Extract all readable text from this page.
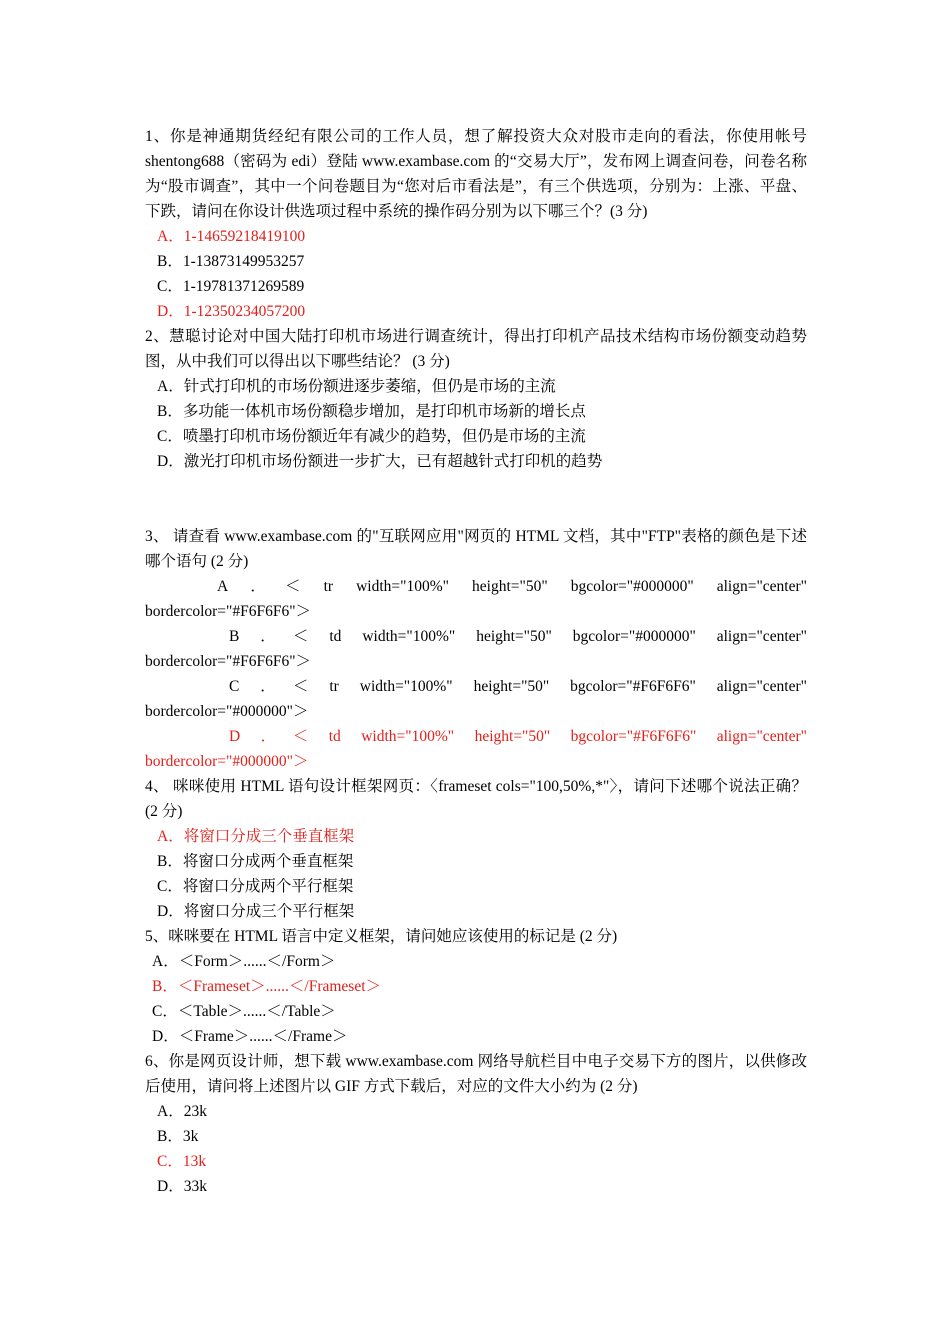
1、你是神通期货经纪有限公司的工作人员，想了解投资大众对股市走向的看法，你使用帐号 shentong688（密码为 edi）登陆 www.exambase.com 的“交易大厅”，发布网上调查问卷，问卷名称为“股市调查”，其中一个问卷题目为“您对后市看法是”，有三个供选项，分别为：上涨、平盘、下跌，请问在你设计供选项过程中系统的操作码分别为以下哪三个？(3 分)

A．1-14659218419100

B．1-13873149953257

C．1-19781371269589

D．1-12350234057200

2、慧聪讨论对中国大陆打印机市场进行调查统计，得出打印机产品技术结构市场份额变动趋势图，从中我们可以得出以下哪些结论？ (3 分)

A．针式打印机的市场份额进逐步萎缩，但仍是市场的主流

B．多功能一体机市场份额稳步增加，是打印机市场新的增长点

C．喷墨打印机市场份额近年有减少的趋势，但仍是市场的主流

D．激光打印机市场份额进一步扩大，已有超越针式打印机的趋势

3、 请查看 www.exambase.com 的"互联网应用"网页的 HTML 文档，其中"FTP"表格的颜色是下述哪个语句 (2 分)

A ．＜ tr width="100%" height="50" bgcolor="#000000" align="center"

bordercolor="#F6F6F6"＞

B ．＜ td width="100%" height="50" bgcolor="#000000" align="center"

bordercolor="#F6F6F6"＞

C ．＜ tr width="100%" height="50" bgcolor="#F6F6F6" align="center"

bordercolor="#000000"＞

D ．＜ td width="100%" height="50" bgcolor="#F6F6F6" align="center"

bordercolor="#000000"＞

4、 咪咪使用 HTML 语句设计框架网页：〈frameset cols="100,50%,*"〉，请问下述哪个说法正确？ (2 分)

A．将窗口分成三个垂直框架

B．将窗口分成两个垂直框架

C．将窗口分成两个平行框架

D．将窗口分成三个平行框架

5、咪咪要在 HTML 语言中定义框架，请问她应该使用的标记是 (2 分)

A．＜Form＞......＜/Form＞

B．＜Frameset＞......＜/Frameset＞

C．＜Table＞......＜/Table＞

D．＜Frame＞......＜/Frame＞

6、你是网页设计师，想下载 www.exambase.com 网络导航栏目中电子交易下方的图片，以供修改后使用，请问将上述图片以 GIF 方式下载后，对应的文件大小约为 (2 分)

A．23k

B．3k

C．13k

D．33k
